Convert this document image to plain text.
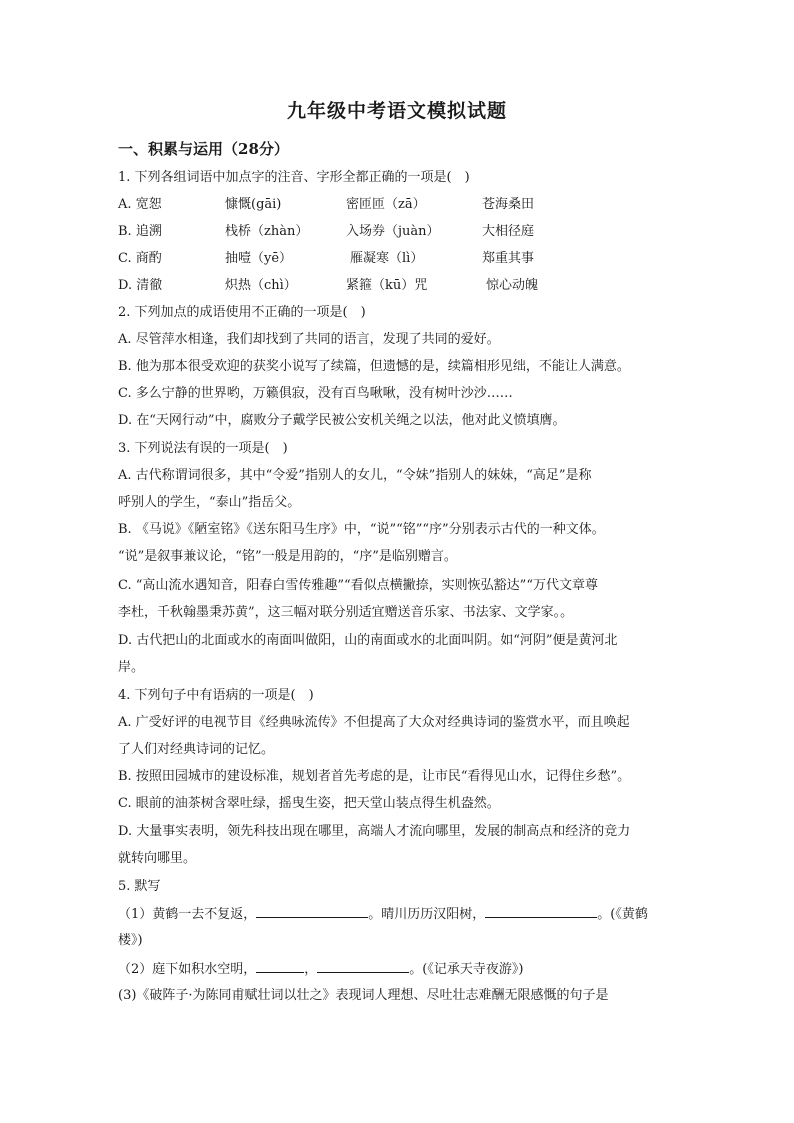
九年级中考语文模拟试题
一、积累与运用（28分）
1. 下列各组词语中加点字的注音、字形全都正确的一项是(　)
A. 宽恕	慷慨(gāi)	密匝匝（zā）	苍海桑田
B. 追溯	栈桥（zhàn）	入场券（juàn）	大相径庭
C. 商酌	抽噎（yē）	雁凝寒（lì）	郑重其事
D. 清徹	炽热（chì）	紧箍（kū）咒	惊心动魄
2. 下列加点的成语使用不正确的一项是(　)
A. 尽管萍水相逢，我们却找到了共同的语言，发现了共同的爱好。
B. 他为那本很受欢迎的获奖小说写了续篇，但遗憾的是，续篇相形见绌，不能让人满意。
C. 多么宁静的世界哟，万籁俱寂，没有百鸟啾啾，没有树叶沙沙……
D. 在“天网行动”中，腐败分子戴学民被公安机关绳之以法，他对此义愤填膺。
3. 下列说法有误的一项是(　)
A. 古代称谓词很多，其中“令爱”指别人的女儿，“令妹”指别人的妹妹，“高足”是称
呼别人的学生，“泰山”指岳父。
B. 《马说》《陋室铭》《送东阳马生序》中，“说”“铭”“序”分别表示古代的一种文体。
“说”是叙事兼议论，“铭”一般是用韵的，“序”是临别赠言。
C. “高山流水遇知音，阳春白雪传雅趣”“看似点横撇捺，实则恢弘豁达”“万代文章尊
李杜，千秋翰墨秉苏黄”，这三幅对联分别适宜赠送音乐家、书法家、文学家。。
D. 古代把山的北面或水的南面叫做阳，山的南面或水的北面叫阴。如“河阴”便是黄河北
岸。
4. 下列句子中有语病的一项是(　)
A. 广受好评的电视节目《经典咏流传》不但提高了大众对经典诗词的鉴赏水平，而且唤起
了人们对经典诗词的记忆。
B. 按照田园城市的建设标准，规划者首先考虑的是，让市民“看得见山水，记得住乡愁”。
C. 眼前的油茶树含翠吐绿，摇曳生姿，把天堂山装点得生机盎然。
D. 大量事实表明，领先科技出现在哪里，高端人才流向哪里，发展的制高点和经济的竞力
就转向哪里。
5. 默写
（1）黄鹤一去不复返，	。晴川历历汉阳树，	。(《黄鹤
楼》)
（2）庭下如积水空明，	，	。(《记承天寺夜游》)
(3)《破阵子·为陈同甫赋壮词以壮之》表现词人理想、尽吐壮志难酬无限感慨的句子是
